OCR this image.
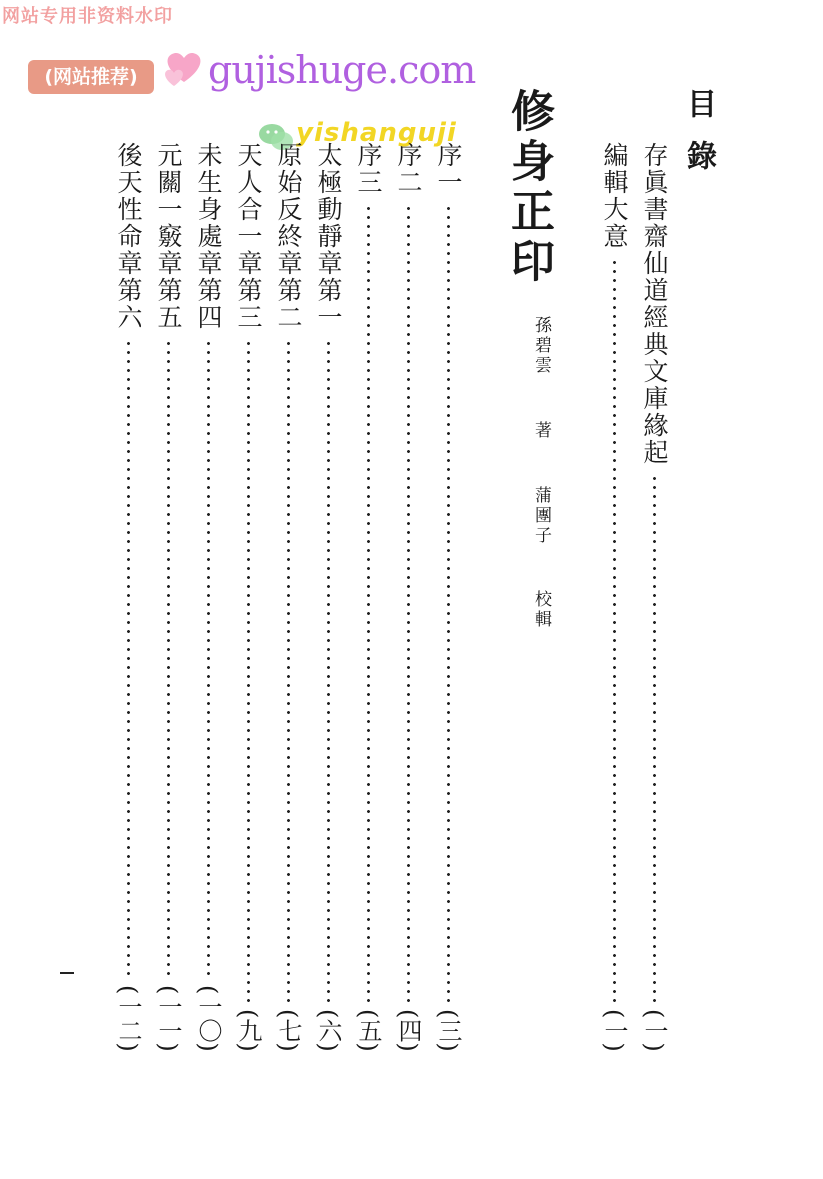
网站专用非资料水印
(网站推荐)	gujishuge.com
yishanguji	目錄
存眞書齋仙道經典文庫緣起
(一)
編輯大意
(一)
修身正印
孫碧雲  著  蒲團子  校輯
序一
(三)
序二
(四)
序三
(五)
太極動靜章第一
(六)
原始反終章第二
(七)
天人合一章第三
(九)
未生身處章第四
(一〇)
元關一竅章第五
(一一)
後天性命章第六
(一二)
